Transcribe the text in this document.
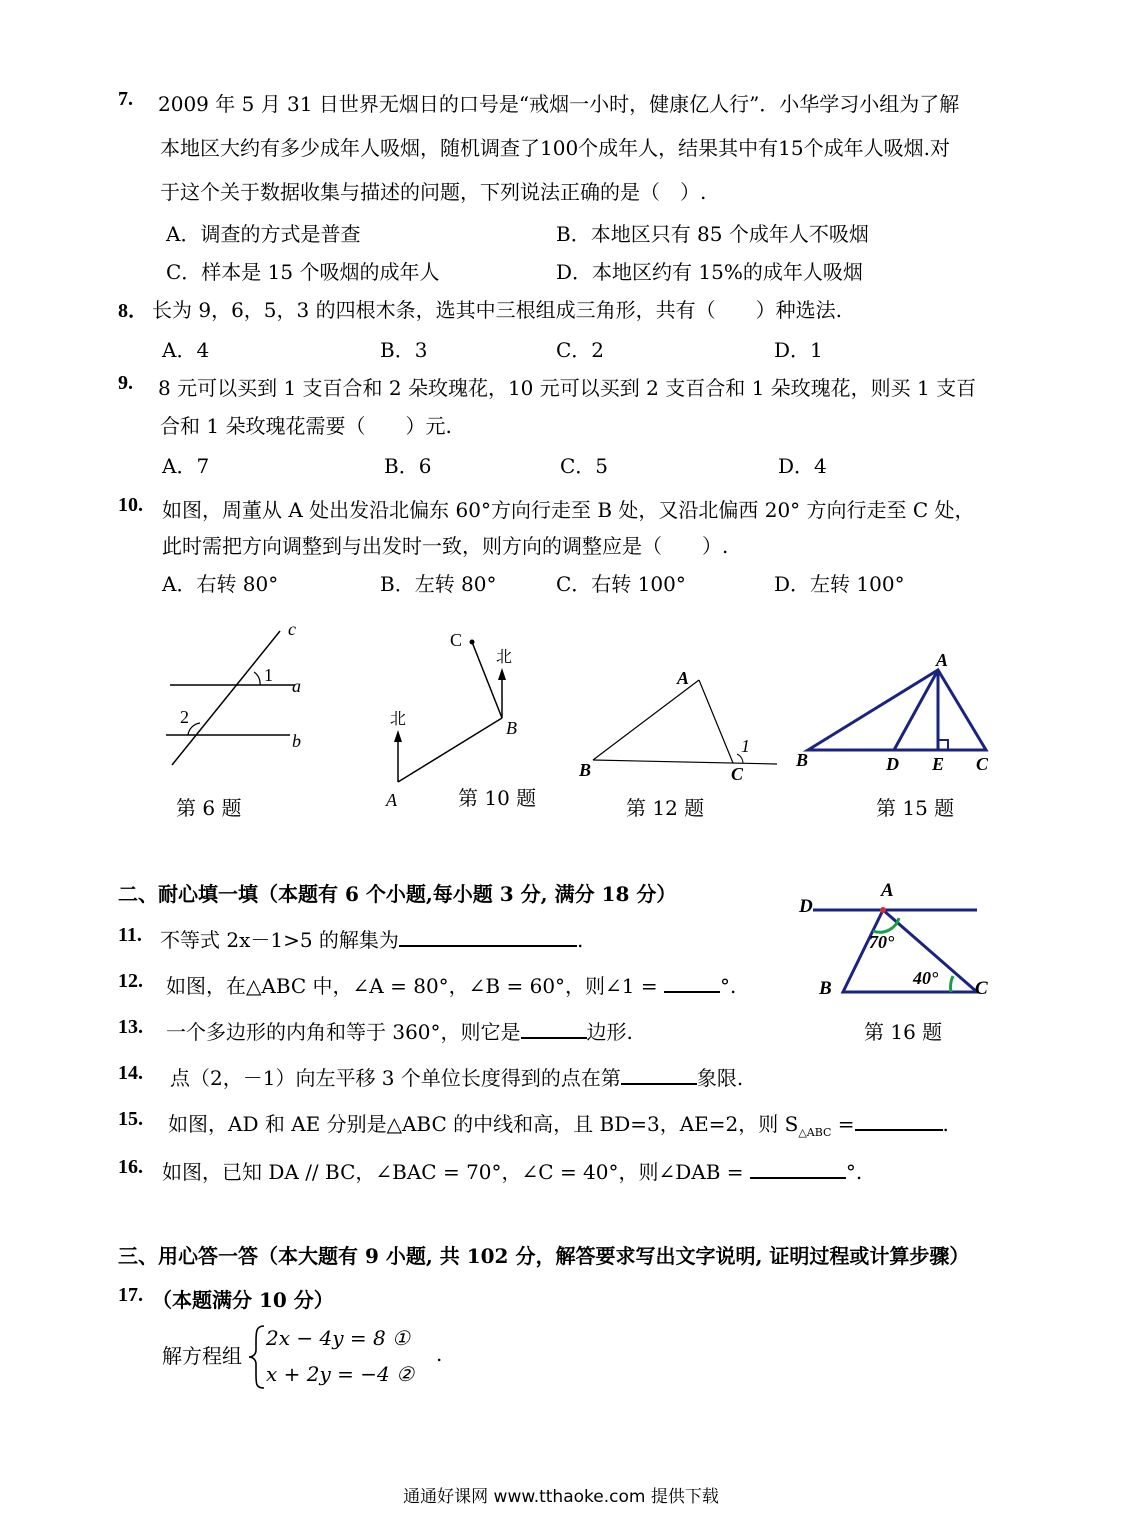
7. 2009 年 5 月 31 日世界无烟日的口号是“戒烟一小时，健康亿人行”．小华学习小组为了解
本地区大约有多少成年人吸烟，随机调查了100个成年人，结果其中有15个成年人吸烟.对
于这个关于数据收集与描述的问题，下列说法正确的是（　）.
A．调查的方式是普查	B．本地区只有 85 个成年人不吸烟
C．样本是 15 个吸烟的成年人	D．本地区约有 15%的成年人吸烟
8． 长为 9，6，5，3 的四根木条，选其中三根组成三角形，共有（　　）种选法.
A．4	B．3	C．2	D．1
9. 8 元可以买到 1 支百合和 2 朵玫瑰花，10 元可以买到 2 支百合和 1 朵玫瑰花，则买 1 支百
合和 1 朵玫瑰花需要（　　）元.
A．7	B．6	C．5	D．4
10. 如图，周董从 A 处出发沿北偏东 60°方向行走至 B 处，又沿北偏西 20° 方向行走至 C 处，
此时需把方向调整到与出发时一致，则方向的调整应是（　　）.
A．右转 80°	B．左转 80°	C．右转 100°	D．左转 100°
c
1
a
2
b
第 6 题
C
北
北	B
A	第 10 题
A
B	C
1
第 12 题
A
B	D E C
第 15 题
二、耐心填一填（本题有 6 个小题,每小题 3 分, 满分 18 分）
D
A
70°
40°
B	C
第 16 题
11. 不等式 2x－1>5 的解集为	.
12. 如图，在△ABC 中，∠A = 80°，∠B = 60°，则∠1 =	°.
13. 一个多边形的内角和等于 360°，则它是	边形.
14. 点（2，－1）向左平移 3 个单位长度得到的点在第	象限.
15. 如图，AD 和 AE 分别是△ABC 的中线和高，且 BD=3，AE=2，则 $S_{\triangle ABC}$ =	.
16. 如图，已知 DA // BC，∠BAC = 70°，∠C = 40°，则∠DAB =	°.
三、用心答一答（本大题有 9 小题, 共 102 分，解答要求写出文字说明, 证明过程或计算步骤）
17. （本题满分 10 分）
解方程组
2x − 4y = 8 ①
x + 2y = −4 ②
.
通通好课网 www.tthaoke.com 提供下载
